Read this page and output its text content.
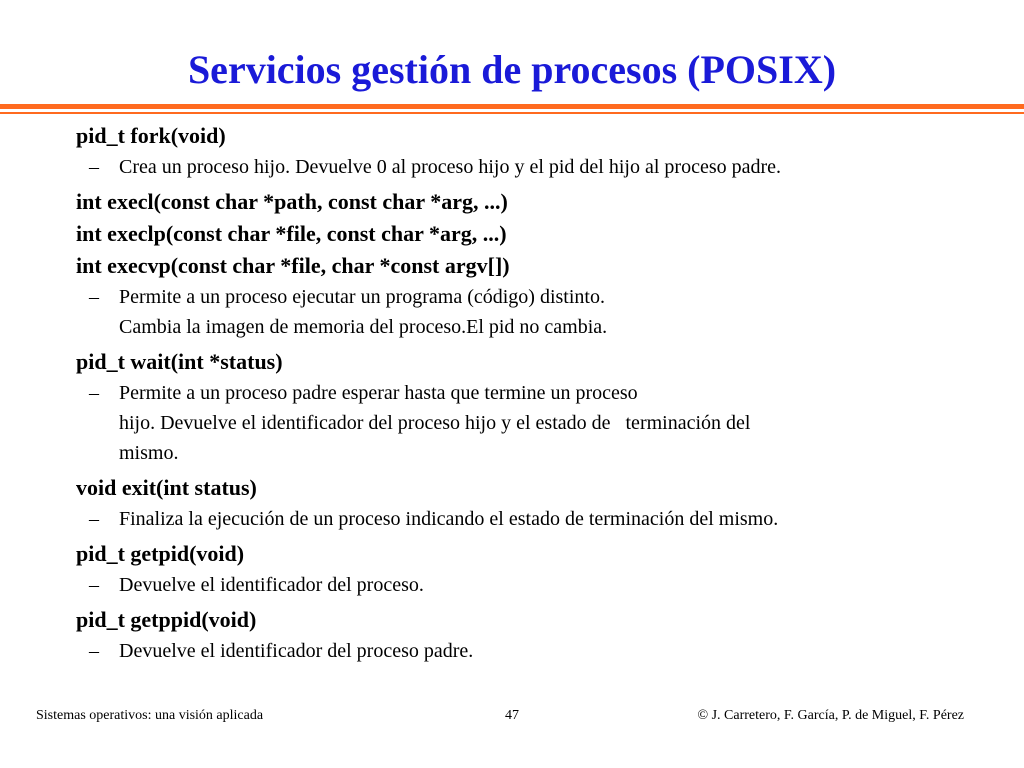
Servicios gestión de procesos (POSIX)
pid_t fork(void)
– Crea un proceso hijo. Devuelve 0 al proceso hijo y el pid del hijo al proceso padre.
int execl(const char *path, const char *arg, ...)
int execlp(const char *file, const char *arg, ...)
int execvp(const char *file, char *const argv[])
– Permite a un proceso ejecutar un programa (código) distinto.
Cambia la imagen de memoria del proceso.El pid no cambia.
pid_t wait(int *status)
– Permite a un proceso padre esperar hasta que termine un proceso
hijo. Devuelve el identificador del proceso hijo y el estado de   terminación del
mismo.
void exit(int status)
– Finaliza la ejecución de un proceso indicando el estado de terminación del mismo.
pid_t getpid(void)
– Devuelve el identificador del proceso.
pid_t getppid(void)
– Devuelve el identificador del proceso padre.
47
Sistemas operativos: una visión aplicada	© J. Carretero, F. García, P. de Miguel, F. Pérez
